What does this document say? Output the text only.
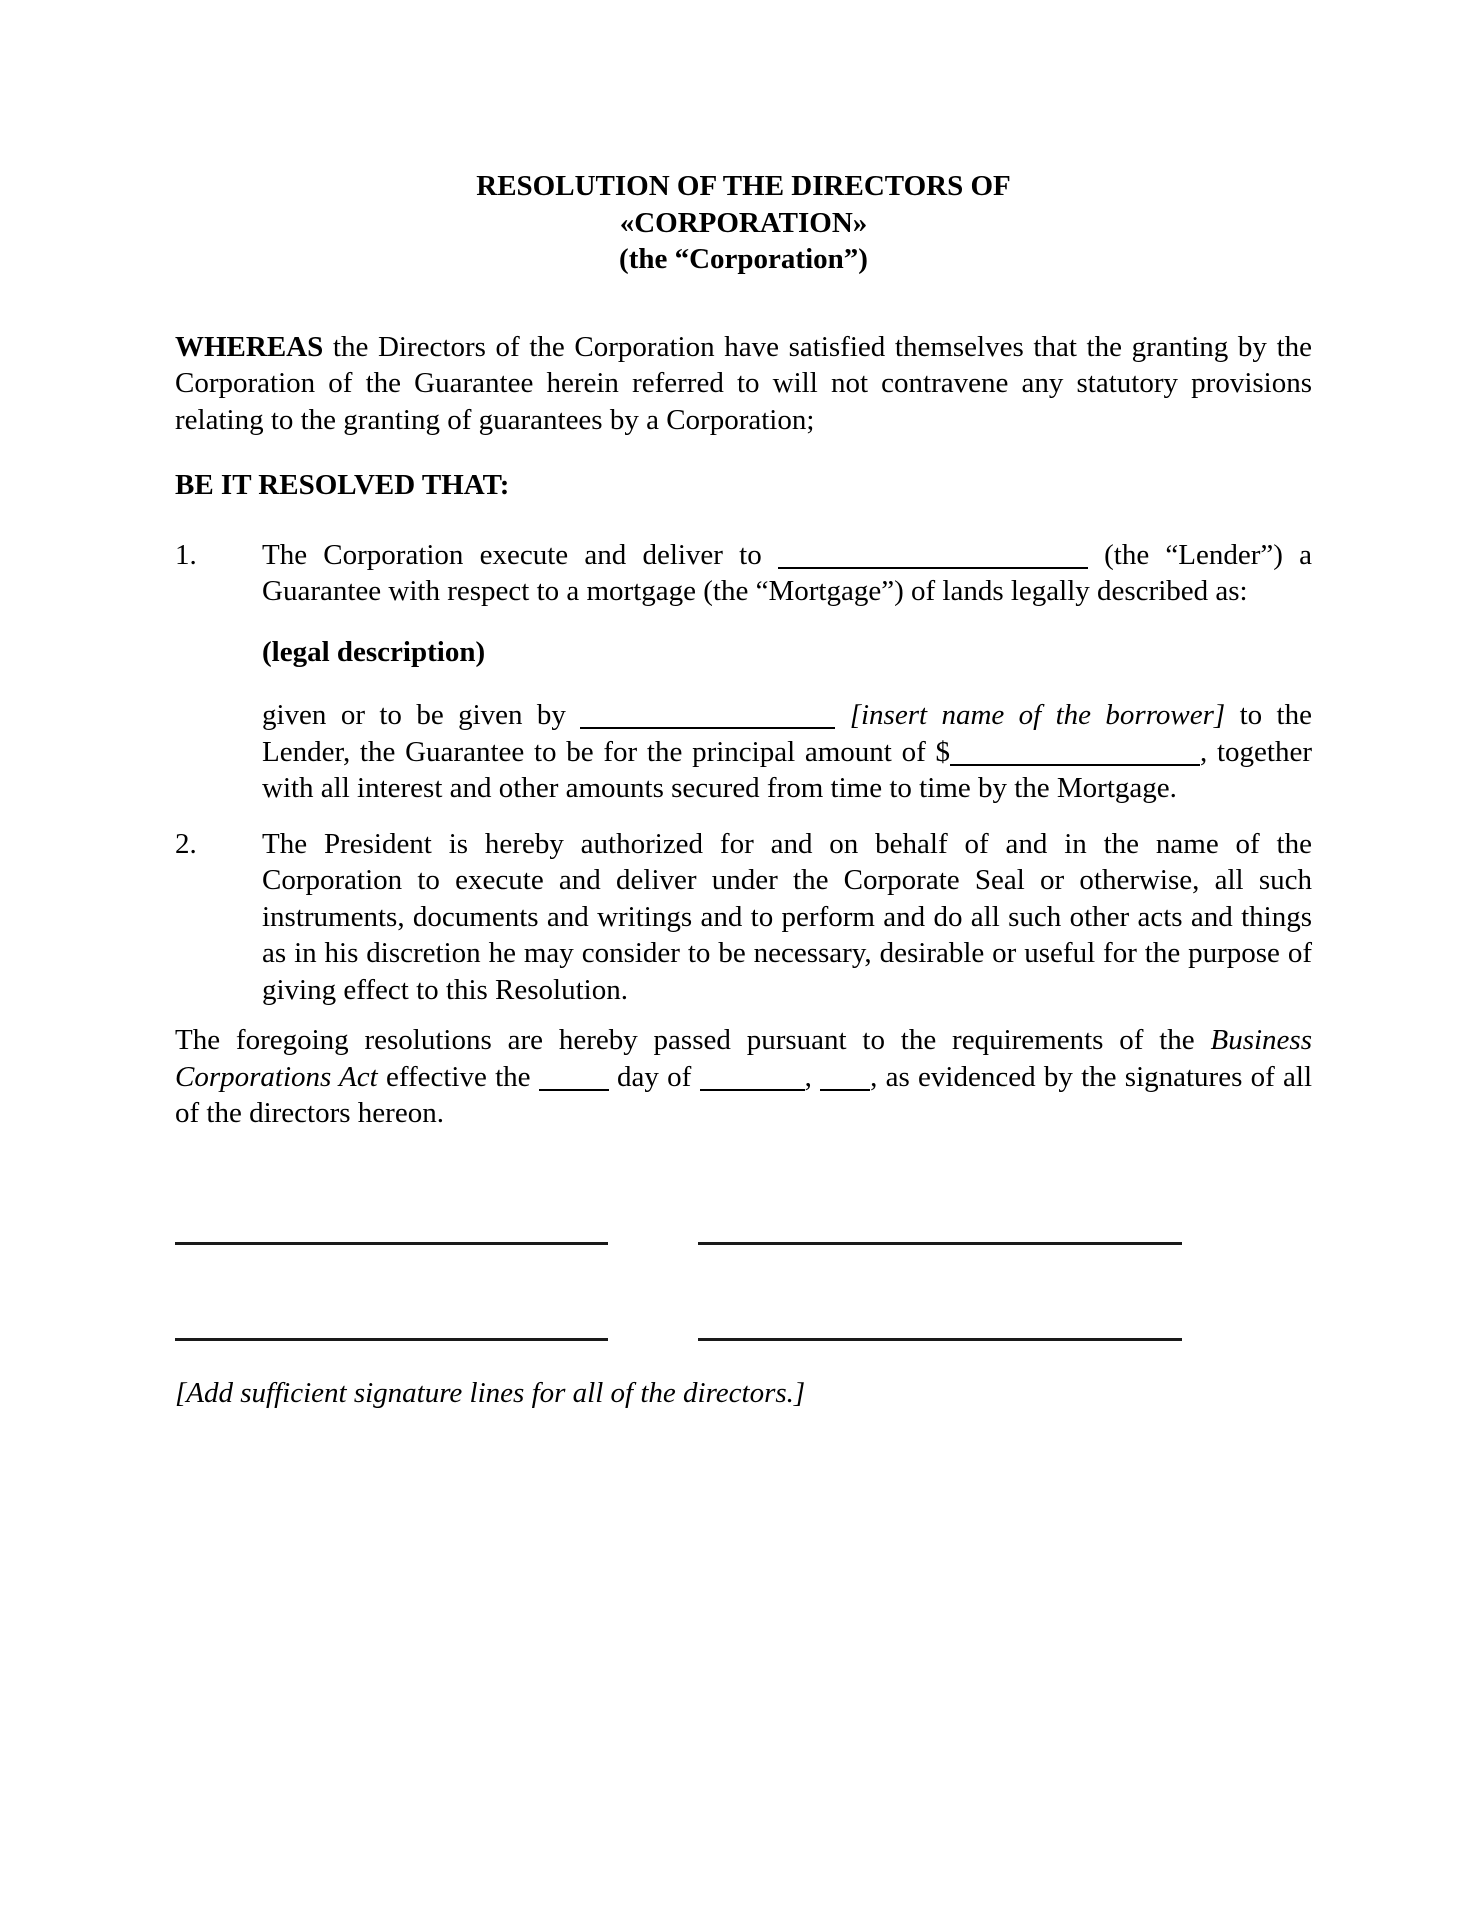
RESOLUTION OF THE DIRECTORS OF
«CORPORATION»
(the “Corporation”)

WHEREAS the Directors of the Corporation have satisfied themselves that the granting by the Corporation of the Guarantee herein referred to will not contravene any statutory provisions relating to the granting of guarantees by a Corporation;

BE IT RESOLVED THAT:

1. The Corporation execute and deliver to	(the “Lender”) a Guarantee with respect to a mortgage (the “Mortgage”) of lands legally described as:

(legal description)

given or to be given by	[insert name of the borrower] to the Lender, the Guarantee to be for the principal amount of $	, together with all interest and other amounts secured from time to time by the Mortgage.

2. The President is hereby authorized for and on behalf of and in the name of the Corporation to execute and deliver under the Corporate Seal or otherwise, all such instruments, documents and writings and to perform and do all such other acts and things as in his discretion he may consider to be necessary, desirable or useful for the purpose of giving effect to this Resolution.

The foregoing resolutions are hereby passed pursuant to the requirements of the Business Corporations Act effective the  day of	, , as evidenced by the signatures of all of the directors hereon.

[Add sufficient signature lines for all of the directors.]
